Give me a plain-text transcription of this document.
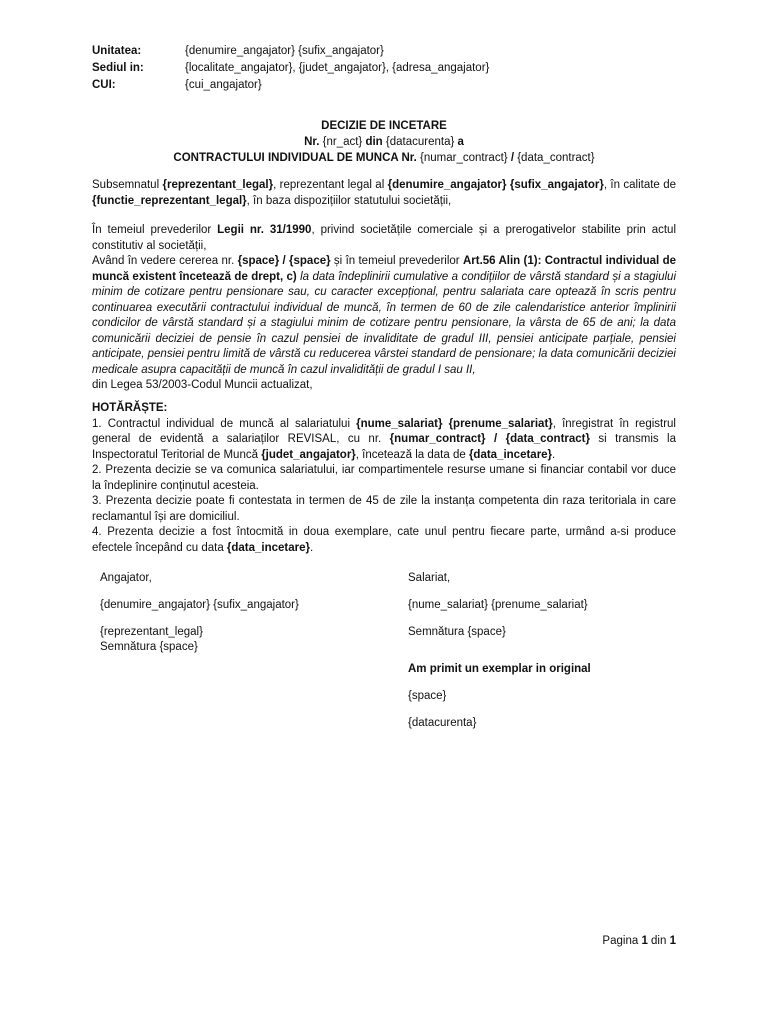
Unitatea:	{denumire_angajator} {sufix_angajator}
Sediul in:	{localitate_angajator}, {judet_angajator}, {adresa_angajator}
CUI:	{cui_angajator}
DECIZIE DE INCETARE
Nr. {nr_act} din {datacurenta} a
CONTRACTULUI INDIVIDUAL DE MUNCA Nr. {numar_contract} / {data_contract}
Subsemnatul {reprezentant_legal}, reprezentant legal al {denumire_angajator} {sufix_angajator}, în calitate de {functie_reprezentant_legal}, în baza dispozițiilor statutului societății,
În temeiul prevederilor Legii nr. 31/1990, privind societățile comerciale și a prerogativelor stabilite prin actul constitutiv al societății,
Având în vedere cererea nr. {space} / {space} și în temeiul prevederilor Art.56 Alin (1): Contractul individual de muncă existent încetează de drept, c) la data îndeplinirii cumulative a condițiilor de vârstă standard și a stagiului minim de cotizare pentru pensionare sau, cu caracter excepțional, pentru salariata care optează în scris pentru continuarea executării contractului individual de muncă, în termen de 60 de zile calendaristice anterior împlinirii condicilor de vârstă standard și a stagiului minim de cotizare pentru pensionare, la vârsta de 65 de ani; la data comunicării deciziei de pensie în cazul pensiei de invaliditate de gradul III, pensiei anticipate parțiale, pensiei anticipate, pensiei pentru limită de vârstă cu reducerea vârstei standard de pensionare; la data comunicării deciziei medicale asupra capacității de muncă în cazul invalidității de gradul I sau II,
din Legea 53/2003-Codul Muncii actualizat,
HOTĂRĂȘTE:
1. Contractul individual de muncă al salariatului {nume_salariat} {prenume_salariat}, înregistrat în registrul general de evidentă a salariaților REVISAL, cu nr. {numar_contract} / {data_contract} si transmis la Inspectoratul Teritorial de Muncă {judet_angajator}, încetează la data de {data_incetare}.
2. Prezenta decizie se va comunica salariatului, iar compartimentele resurse umane si financiar contabil vor duce la îndeplinire conținutul acesteia.
3. Prezenta decizie poate fi contestata in termen de 45 de zile la instanța competenta din raza teritoriala in care reclamantul își are domiciliul.
4. Prezenta decizie a fost întocmită in doua exemplare, cate unul pentru fiecare parte, urmând a-si produce efectele începând cu data {data_incetare}.
Angajator,
{denumire_angajator} {sufix_angajator}
{reprezentant_legal}
Semnătura {space}
Salariat,
{nume_salariat} {prenume_salariat}
Semnătura {space}
Am primit un exemplar in original
{space}
{datacurenta}
Pagina 1 din 1
